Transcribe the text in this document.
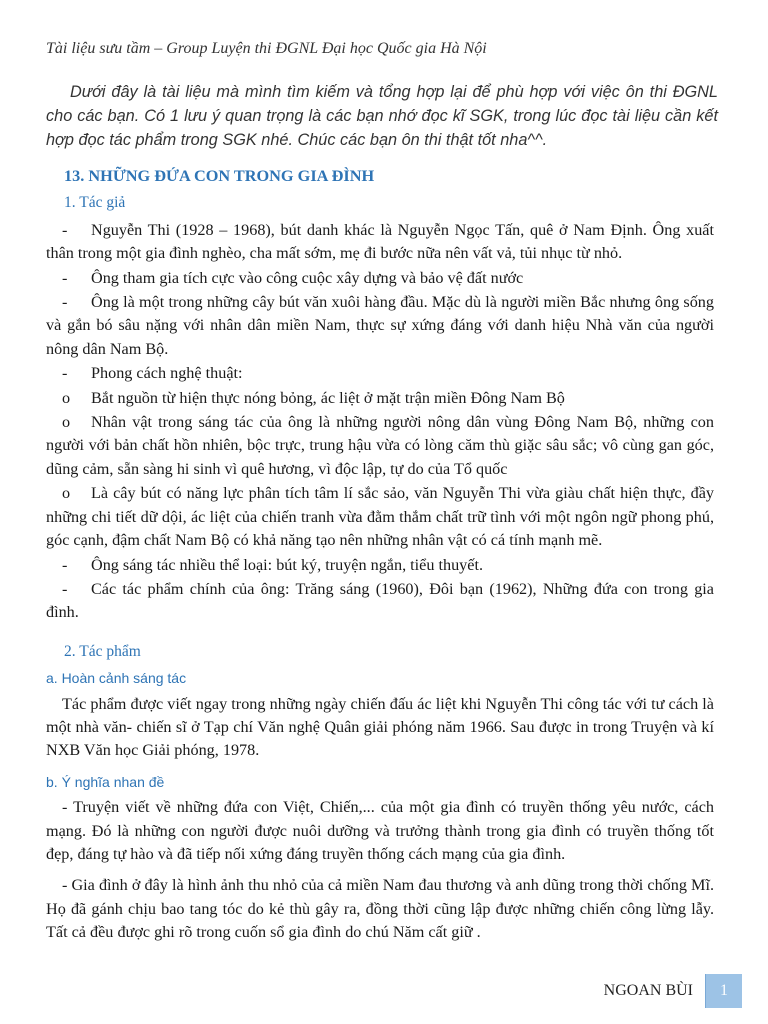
Tài liệu sưu tầm – Group Luyện thi ĐGNL Đại học Quốc gia Hà Nội
Dưới đây là tài liệu mà mình tìm kiếm và tổng hợp lại để phù hợp với việc ôn thi ĐGNL cho các bạn. Có 1 lưu ý quan trọng là các bạn nhớ đọc kĩ SGK, trong lúc đọc tài liệu cần kết hợp đọc tác phẩm trong SGK nhé. Chúc các bạn ôn thi thật tốt nha^^.
13. NHỮNG ĐỨA CON TRONG GIA ĐÌNH
1. Tác giả
- Nguyễn Thi (1928 – 1968), bút danh khác là Nguyễn Ngọc Tấn, quê ở Nam Định. Ông xuất thân trong một gia đình nghèo, cha mất sớm, mẹ đi bước nữa nên vất vả, tủi nhục từ nhỏ.
- Ông tham gia tích cực vào công cuộc xây dựng và bảo vệ đất nước
- Ông là một trong những cây bút văn xuôi hàng đầu. Mặc dù là người miền Bắc nhưng ông sống và gắn bó sâu nặng với nhân dân miền Nam, thực sự xứng đáng với danh hiệu Nhà văn của người nông dân Nam Bộ.
- Phong cách nghệ thuật:
o Bắt nguồn từ hiện thực nóng bỏng, ác liệt ở mặt trận miền Đông Nam Bộ
o Nhân vật trong sáng tác của ông là những người nông dân vùng Đông Nam Bộ, những con người với bản chất hồn nhiên, bộc trực, trung hậu vừa có lòng căm thù giặc sâu sắc; vô cùng gan góc, dũng cảm, sẵn sàng hi sinh vì quê hương, vì độc lập, tự do của Tổ quốc
o Là cây bút có năng lực phân tích tâm lí sắc sảo, văn Nguyễn Thi vừa giàu chất hiện thực, đầy những chi tiết dữ dội, ác liệt của chiến tranh vừa đằm thắm chất trữ tình với một ngôn ngữ phong phú, góc cạnh, đậm chất Nam Bộ có khả năng tạo nên những nhân vật có cá tính mạnh mẽ.
- Ông sáng tác nhiều thể loại: bút ký, truyện ngắn, tiểu thuyết.
- Các tác phẩm chính của ông: Trăng sáng (1960), Đôi bạn (1962), Những đứa con trong gia đình.
2. Tác phẩm
a. Hoàn cảnh sáng tác
Tác phẩm được viết ngay trong những ngày chiến đấu ác liệt khi Nguyễn Thi công tác với tư cách là một nhà văn- chiến sĩ ở Tạp chí Văn nghệ Quân giải phóng năm 1966. Sau được in trong Truyện và kí NXB Văn học Giải phóng, 1978.
b. Ý nghĩa nhan đề
- Truyện viết về những đứa con Việt, Chiến,... của một gia đình có truyền thống yêu nước, cách mạng. Đó là những con người được nuôi dưỡng và trưởng thành trong gia đình có truyền thống tốt đẹp, đáng tự hào và đã tiếp nối xứng đáng truyền thống cách mạng của gia đình.
- Gia đình ở đây là hình ảnh thu nhỏ của cả miền Nam đau thương và anh dũng trong thời chống Mĩ. Họ đã gánh chịu bao tang tóc do kẻ thù gây ra, đồng thời cũng lập được những chiến công lừng lẫy. Tất cả đều được ghi rõ trong cuốn sổ gia đình do chú Năm cất giữ .
NGOAN BÙI	1
